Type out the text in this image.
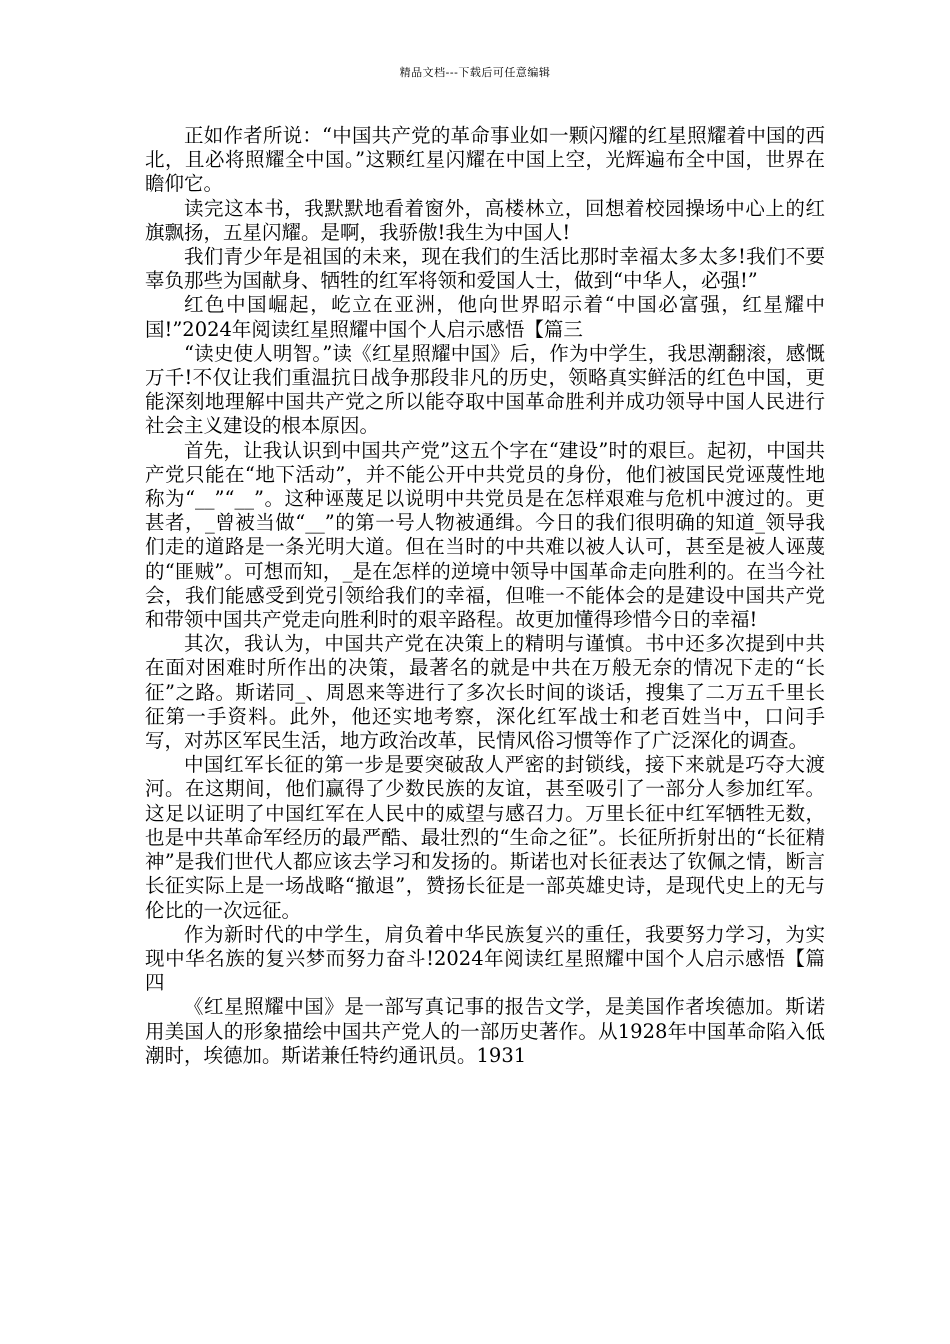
精品文档---下载后可任意编辑

正如作者所说：“中国共产党的革命事业如一颗闪耀的红星照耀着中国的西北，且必将照耀全中国。”这颗红星闪耀在中国上空，光辉遍布全中国，世界在瞻仰它。

读完这本书，我默默地看着窗外，高楼林立，回想着校园操场中心上的红旗飘扬，五星闪耀。是啊，我骄傲!我生为中国人!

我们青少年是祖国的未来，现在我们的生活比那时幸福太多太多!我们不要辜负那些为国献身、牺牲的红军将领和爱国人士，做到“中华人，必强!”

红色中国崛起，屹立在亚洲，他向世界昭示着“中国必富强，红星耀中国!”2024年阅读红星照耀中国个人启示感悟【篇三

“读史使人明智。”读《红星照耀中国》后，作为中学生，我思潮翻滚，感慨万千!不仅让我们重温抗日战争那段非凡的历史，领略真实鲜活的红色中国，更能深刻地理解中国共产党之所以能夺取中国革命胜利并成功领导中国人民进行社会主义建设的根本原因。

首先，让我认识到中国共产党”这五个字在“建设”时的艰巨。起初，中国共产党只能在“地下活动”，并不能公开中共党员的身份，他们被国民党诬蔑性地称为“__”“__”。这种诬蔑足以说明中共党员是在怎样艰难与危机中渡过的。更甚者，_曾被当做“__”的第一号人物被通缉。今日的我们很明确的知道_领导我们走的道路是一条光明大道。但在当时的中共难以被人认可，甚至是被人诬蔑的“匪贼”。可想而知，_是在怎样的逆境中领导中国革命走向胜利的。在当今社会，我们能感受到党引领给我们的幸福，但唯一不能体会的是建设中国共产党和带领中国共产党走向胜利时的艰辛路程。故更加懂得珍惜今日的幸福!

其次，我认为，中国共产党在决策上的精明与谨慎。书中还多次提到中共在面对困难时所作出的决策，最著名的就是中共在万般无奈的情况下走的“长征”之路。斯诺同_、周恩来等进行了多次长时间的谈话，搜集了二万五千里长征第一手资料。此外，他还实地考察，深化红军战士和老百姓当中，口问手写，对苏区军民生活，地方政治改革，民情风俗习惯等作了广泛深化的调查。

中国红军长征的第一步是要突破敌人严密的封锁线，接下来就是巧夺大渡河。在这期间，他们赢得了少数民族的友谊，甚至吸引了一部分人参加红军。这足以证明了中国红军在人民中的威望与感召力。万里长征中红军牺牲无数，也是中共革命军经历的最严酷、最壮烈的“生命之征”。长征所折射出的“长征精神”是我们世代人都应该去学习和发扬的。斯诺也对长征表达了钦佩之情，断言长征实际上是一场战略“撤退”，赞扬长征是一部英雄史诗，是现代史上的无与伦比的一次远征。

作为新时代的中学生，肩负着中华民族复兴的重任，我要努力学习，为实现中华名族的复兴梦而努力奋斗!2024年阅读红星照耀中国个人启示感悟【篇四

《红星照耀中国》是一部写真记事的报告文学，是美国作者埃德加。斯诺用美国人的形象描绘中国共产党人的一部历史著作。从1928年中国革命陷入低潮时，埃德加。斯诺兼任特约通讯员。1931
